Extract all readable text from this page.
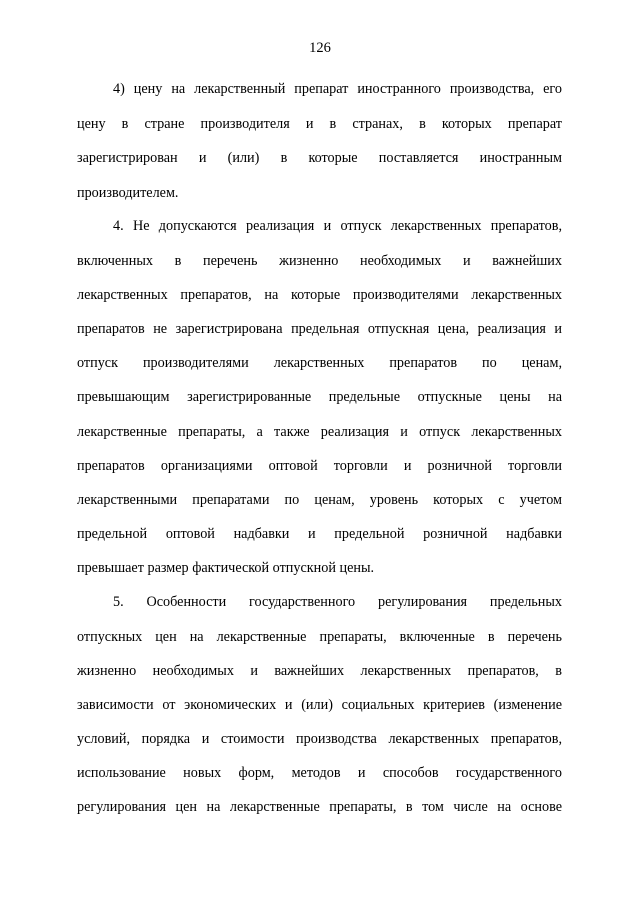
126
4) цену на лекарственный препарат иностранного производства, его
цену в стране производителя и в странах, в которых препарат
зарегистрирован и (или) в которые поставляется иностранным
производителем.
4. Не допускаются реализация и отпуск лекарственных препаратов,
включенных в перечень жизненно необходимых и важнейших
лекарственных препаратов, на которые производителями лекарственных
препаратов не зарегистрирована предельная отпускная цена, реализация и
отпуск производителями лекарственных препаратов по ценам,
превышающим зарегистрированные предельные отпускные цены на
лекарственные препараты, а также реализация и отпуск лекарственных
препаратов организациями оптовой торговли и розничной торговли
лекарственными препаратами по ценам, уровень которых с учетом
предельной оптовой надбавки и предельной розничной надбавки
превышает размер фактической отпускной цены.
5. Особенности государственного регулирования предельных
отпускных цен на лекарственные препараты, включенные в перечень
жизненно необходимых и важнейших лекарственных препаратов, в
зависимости от экономических и (или) социальных критериев (изменение
условий, порядка и стоимости производства лекарственных препаратов,
использование новых форм, методов и способов государственного
регулирования цен на лекарственные препараты, в том числе на основе
